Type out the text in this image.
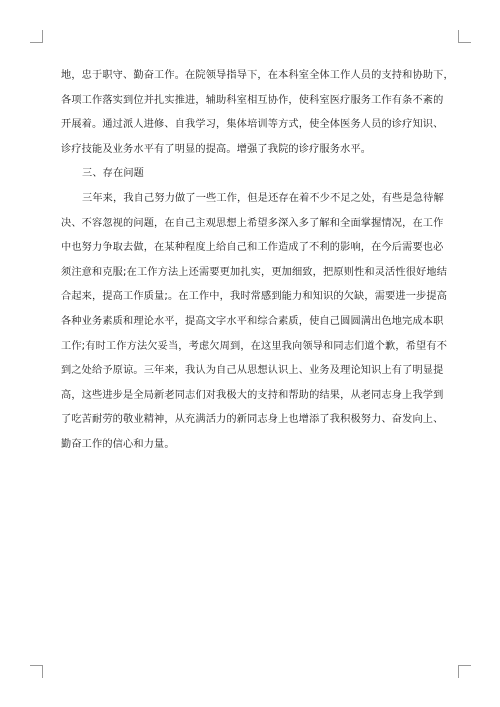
地，忠于职守、勤奋工作。在院领导指导下，在本科室全体工作人员的支持和协助下，
各项工作落实到位并扎实推进，辅助科室相互协作，使科室医疗服务工作有条不紊的
开展着。通过派人进修、自我学习，集体培训等方式，使全体医务人员的诊疗知识、
诊疗技能及业务水平有了明显的提高。增强了我院的诊疗服务水平。
三、存在问题
三年来，我自己努力做了一些工作，但是还存在着不少不足之处，有些是急待解
决、不容忽视的问题，在自己主观思想上希望多深入多了解和全面掌握情况，在工作
中也努力争取去做，在某种程度上给自己和工作造成了不利的影响，在今后需要也必
须注意和克服;在工作方法上还需要更加扎实，更加细致，把原则性和灵活性很好地结
合起来，提高工作质量;。在工作中，我时常感到能力和知识的欠缺，需要进一步提高
各种业务素质和理论水平，提高文字水平和综合素质，使自己圆圆满出色地完成本职
工作;有时工作方法欠妥当，考虑欠周到，在这里我向领导和同志们道个歉，希望有不
到之处给予原谅。三年来，我认为自己从思想认识上、业务及理论知识上有了明显提
高，这些进步是全局新老同志们对我极大的支持和帮助的结果，从老同志身上我学到
了吃苦耐劳的敬业精神，从充满活力的新同志身上也增添了我积极努力、奋发向上、
勤奋工作的信心和力量。
